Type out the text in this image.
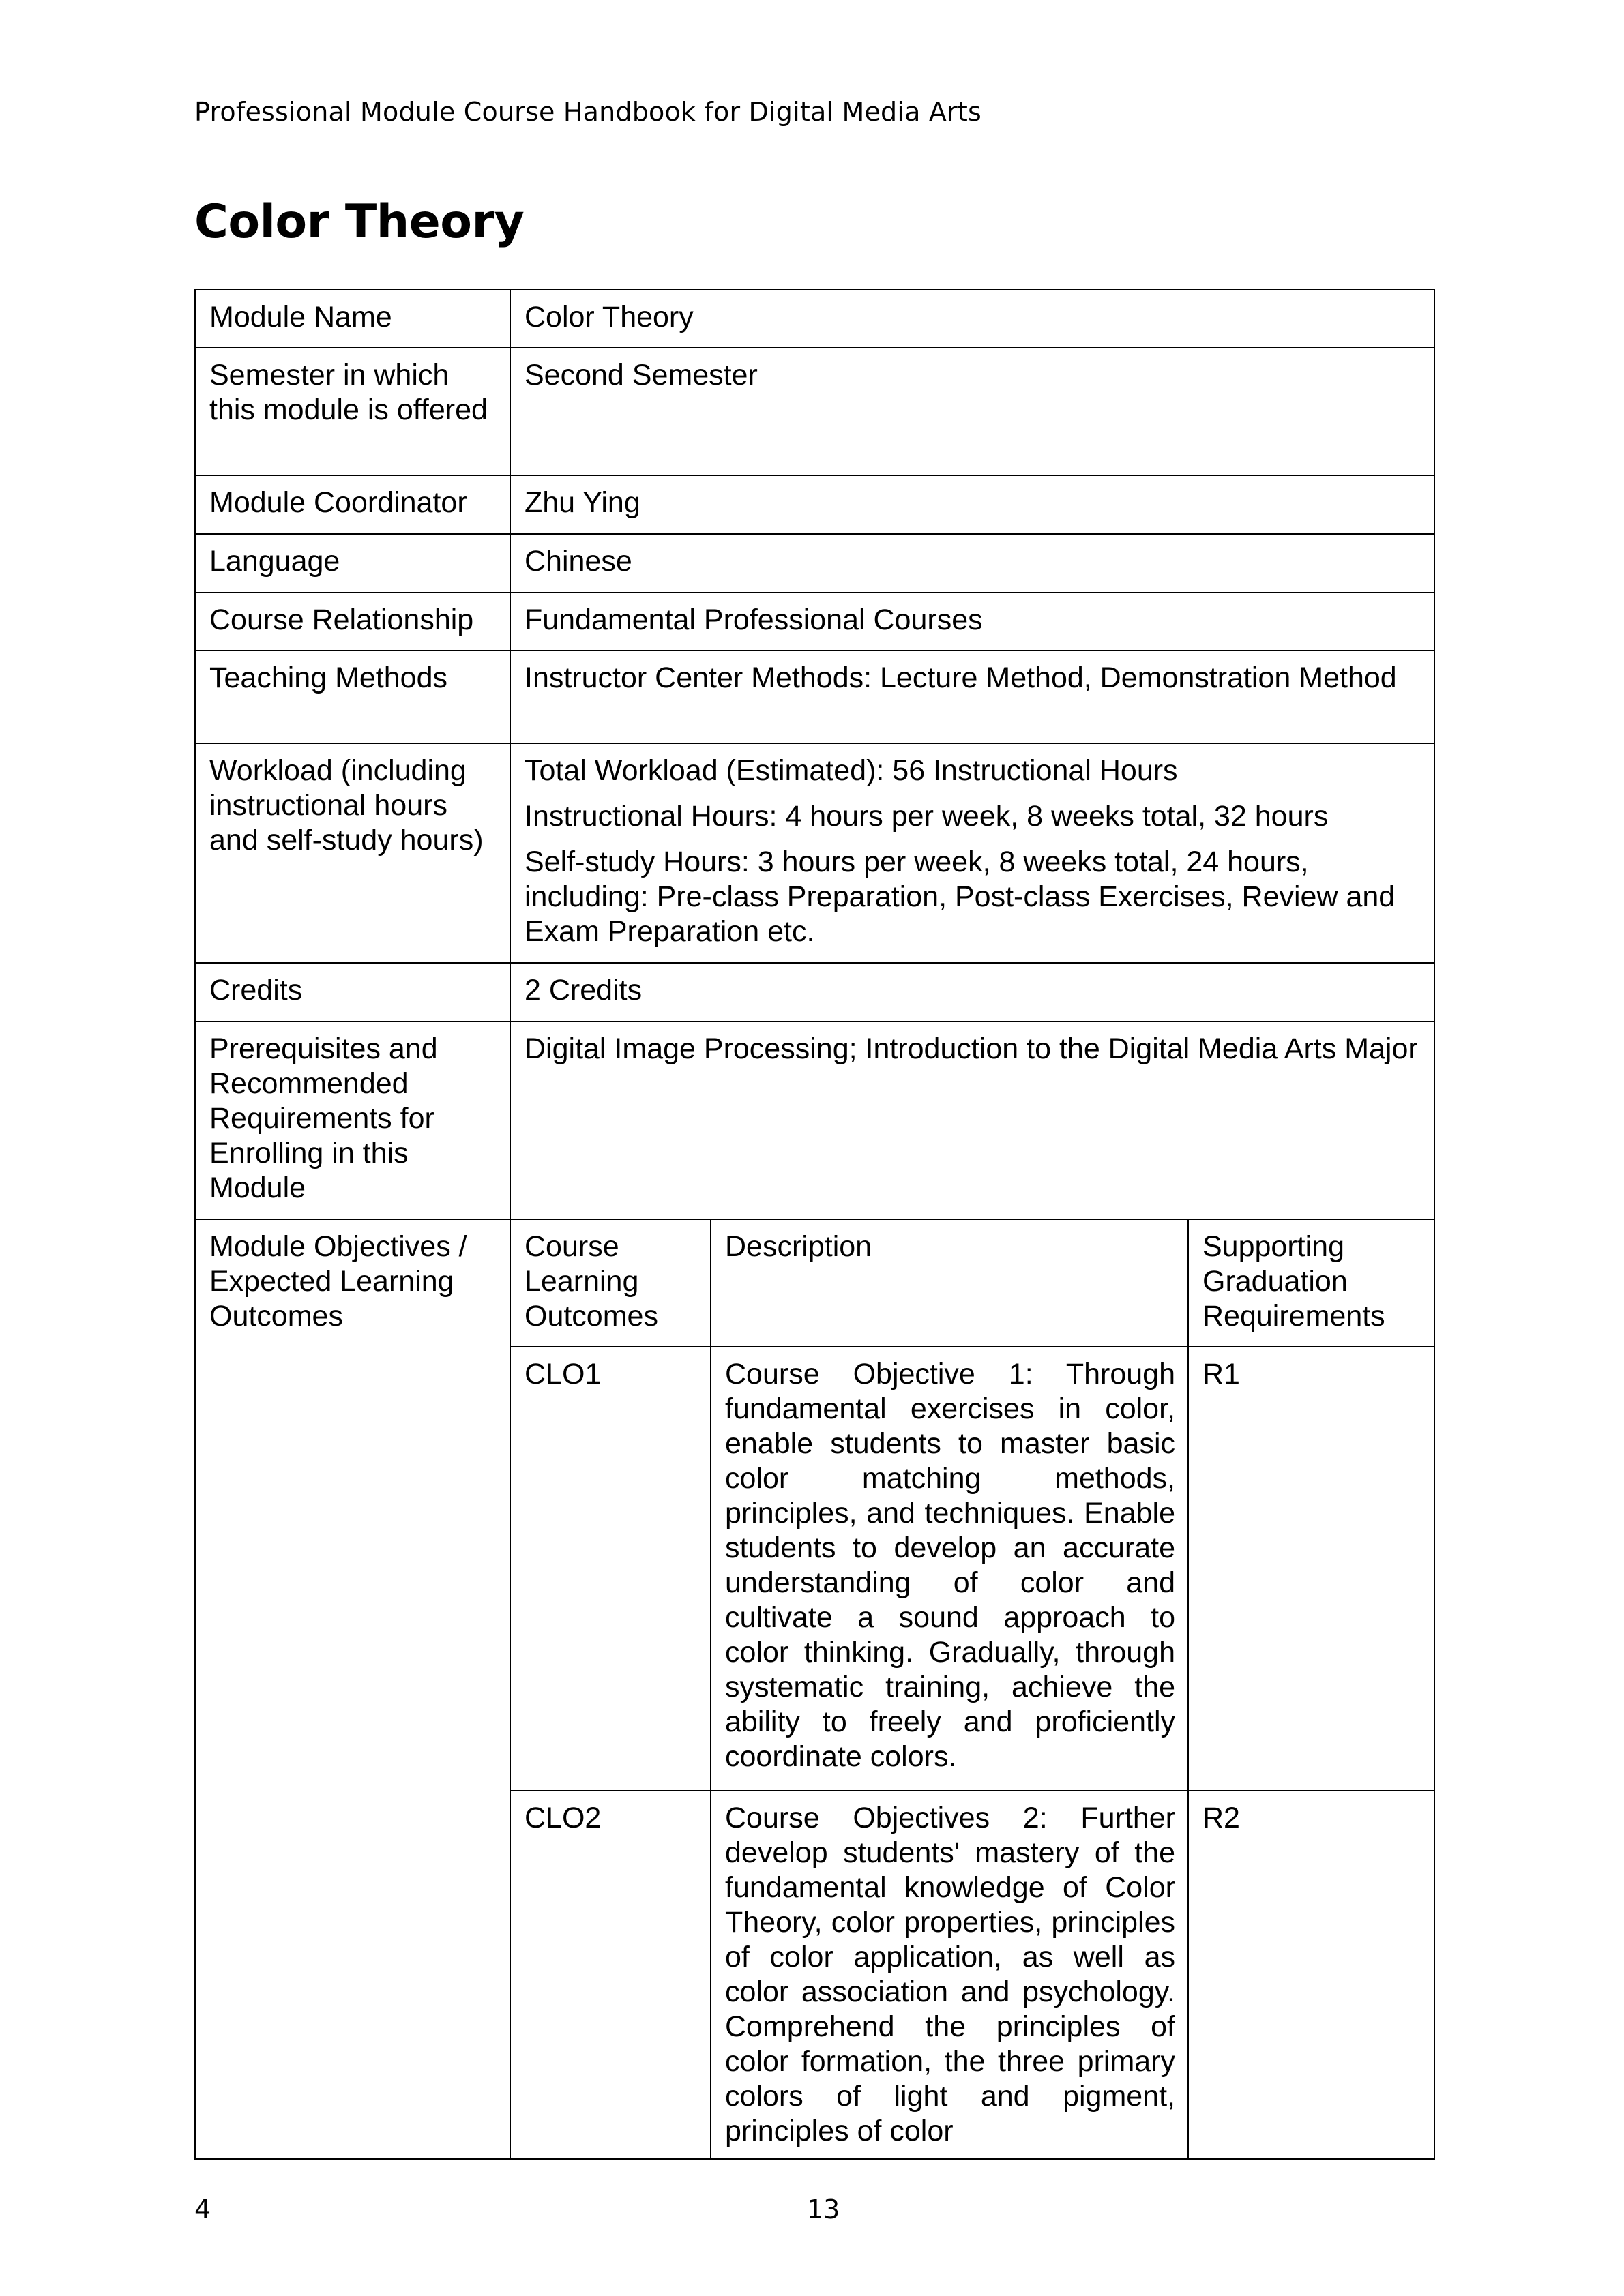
Professional Module Course Handbook for Digital Media Arts
Color Theory
Module Name	Color Theory		
Semester in which this module is offered	Second Semester		
Module Coordinator	Zhu Ying		
Language	Chinese		
Course Relationship	Fundamental Professional Courses		
Teaching Methods	Instructor Center Methods: Lecture Method, Demonstration Method		
Workload (including instructional hours and self-study hours)	Total Workload (Estimated): 56 Instructional Hours
Instructional Hours: 4 hours per week, 8 weeks total, 32 hours
Self-study Hours: 3 hours per week, 8 weeks total, 24 hours, including: Pre-class Preparation, Post-class Exercises, Review and Exam Preparation etc.		

Credits	2 Credits		
Prerequisites and Recommended Requirements for Enrolling in this Module	Digital Image Processing; Introduction to the Digital Media Arts Major		
Module Objectives / Expected Learning Outcomes	Course Learning Outcomes	Description	Supporting Graduation Requirements
	CLO1	Course Objective 1: Through fundamental exercises in color, enable students to master basic color matching methods, principles, and techniques. Enable students to develop an accurate understanding of color and cultivate a sound approach to color thinking. Gradually, through systematic training, achieve the ability to freely and proficiently coordinate colors.	R1
	CLO2	Course Objectives 2: Further develop students' mastery of the fundamental knowledge of Color Theory, color properties, principles of color application, as well as color association and psychology. Comprehend the principles of color formation, the three primary colors of light and pigment, principles of color	R2
4	13
